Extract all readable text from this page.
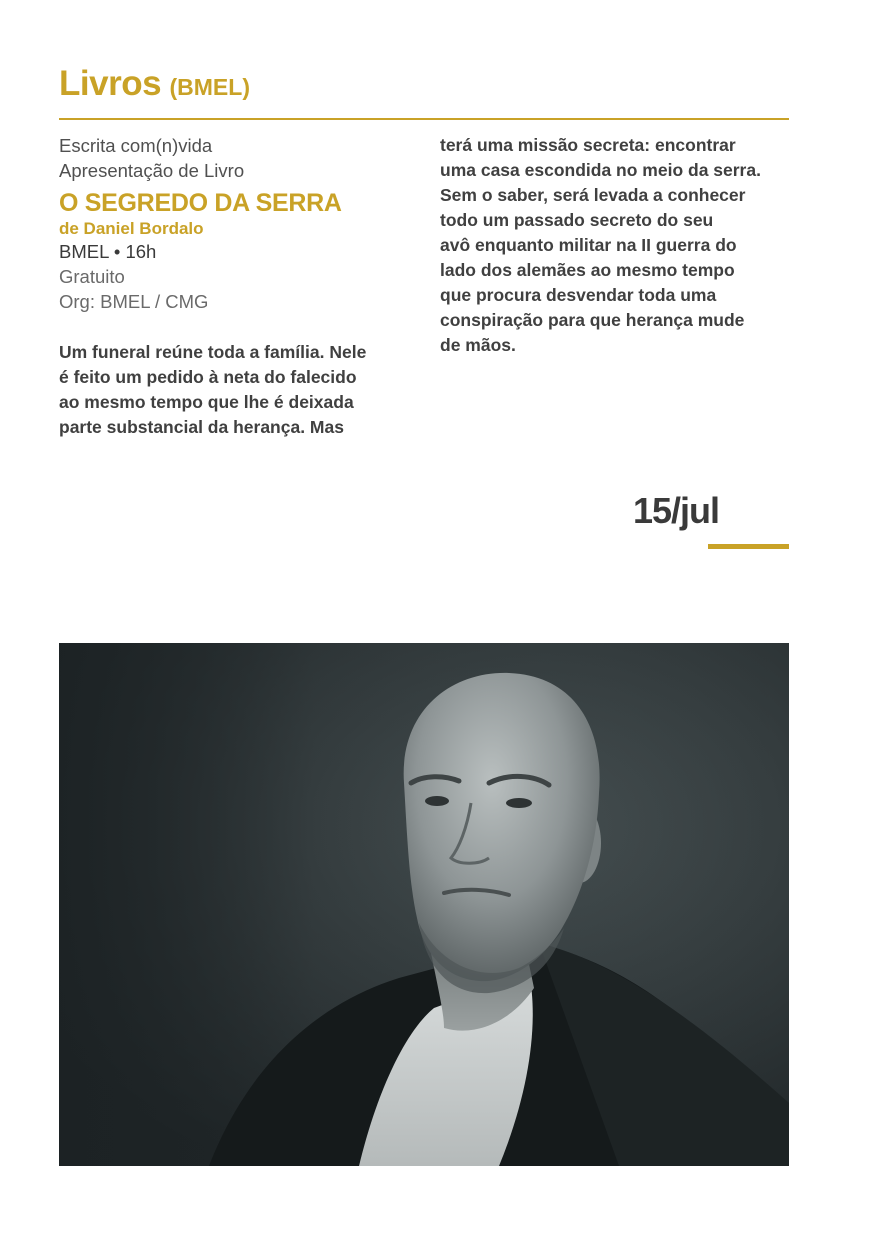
Livros (BMEL)
Escrita com(n)vida
Apresentação de Livro
O SEGREDO DA SERRA
de Daniel Bordalo
BMEL • 16h
Gratuito
Org: BMEL / CMG
Um funeral reúne toda a família. Nele
é feito um pedido à neta do falecido
ao mesmo tempo que lhe é deixada
parte substancial da herança. Mas
terá uma missão secreta: encontrar
uma casa escondida no meio da serra.
Sem o saber, será levada a conhecer
todo um passado secreto do seu
avô enquanto militar na II guerra do
lado dos alemães ao mesmo tempo
que procura desvendar toda uma
conspiração para que herança mude
de mãos.
15/jul
